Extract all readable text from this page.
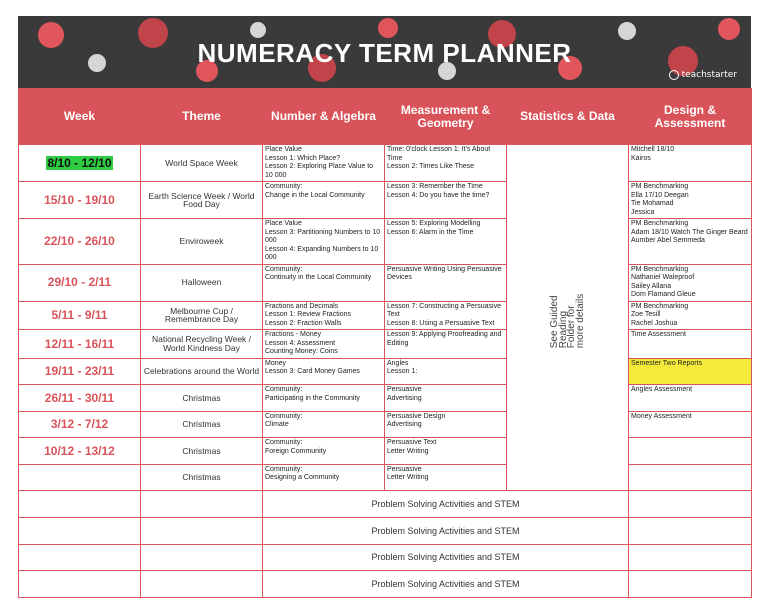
NUMERACY TERM PLANNER
teachstarter
Week	Theme	Number & Algebra	Measurement & Geometry	Statistics & Data	Design & Assessment
8/10 - 12/10	World Space Week	Place Value
Lesson 1: Which Place?
Lesson 2: Exploring Place Value to 10 000	Time: 0'clock Lesson 1: It's About Time
Lesson 2: Times Like These	See Guided Reading Folder for more details	Mitchell 18/10
Kairos
15/10 - 19/10	Earth Science Week / World Food Day	Community:
Change in the Local Community	Lesson 3: Remember the Time
Lesson 4: Do you have the time?		PM Benchmarking
Ella 17/10 Deegan
Tie Mohamad
Jessica
22/10 - 26/10	Enviroweek	Place Value
Lesson 3: Partitioning Numbers to 10 000
Lesson 4: Expanding Numbers to 10 000	Lesson 5: Exploring Modelling
Lesson 6: Alarm in the Time		PM Benchmarking
Adam 18/10 Watch The Ginger Beard
Aumber Abel Semmeda
29/10 - 2/11	Halloween	Community:
Continuity in the Local Community	Persuasive Writing Using Persuasive Devices		PM Benchmarking
Nathaniel Waleproof
Sailey Allana
Dom Flamand Gleue
5/11 - 9/11	Melbourne Cup / Remembrance Day	Fractions and Decimals
Lesson 1: Review Fractions
Lesson 2: Fraction Walls	Lesson 7: Constructing a Persuasive Text
Lesson 8: Using a Persuasive Text		PM Benchmarking
Zoe Tesill
Rachel Joshua
12/11 - 16/11	National Recycling Week / World Kindness Day	Fractions - Money
Lesson 4: Assessment
Counting Money: Coins	Lesson 9: Applying Proofreading and Editing		Time Assessment
19/11 - 23/11	Celebrations around the World	Money
Lesson 3: Card Money Games	Angles
Lesson 1:		Semester Two Reports
26/11 - 30/11	Christmas	Community:
Participating in the Community	Persuasive
Advertising		Angles Assessment
3/12 - 7/12	Christmas	Community:
Climate	Persuasive Design
Advertising		Money Assessment
10/12 - 13/12	Christmas	Community:
Foreign Community	Persuasive Text
Letter Writing		
	Christmas	Community:
Designing a Community	Persuasive
Letter Writing		
		Problem Solving Activities and STEM			
		Problem Solving Activities and STEM			
		Problem Solving Activities and STEM			
		Problem Solving Activities and STEM			
